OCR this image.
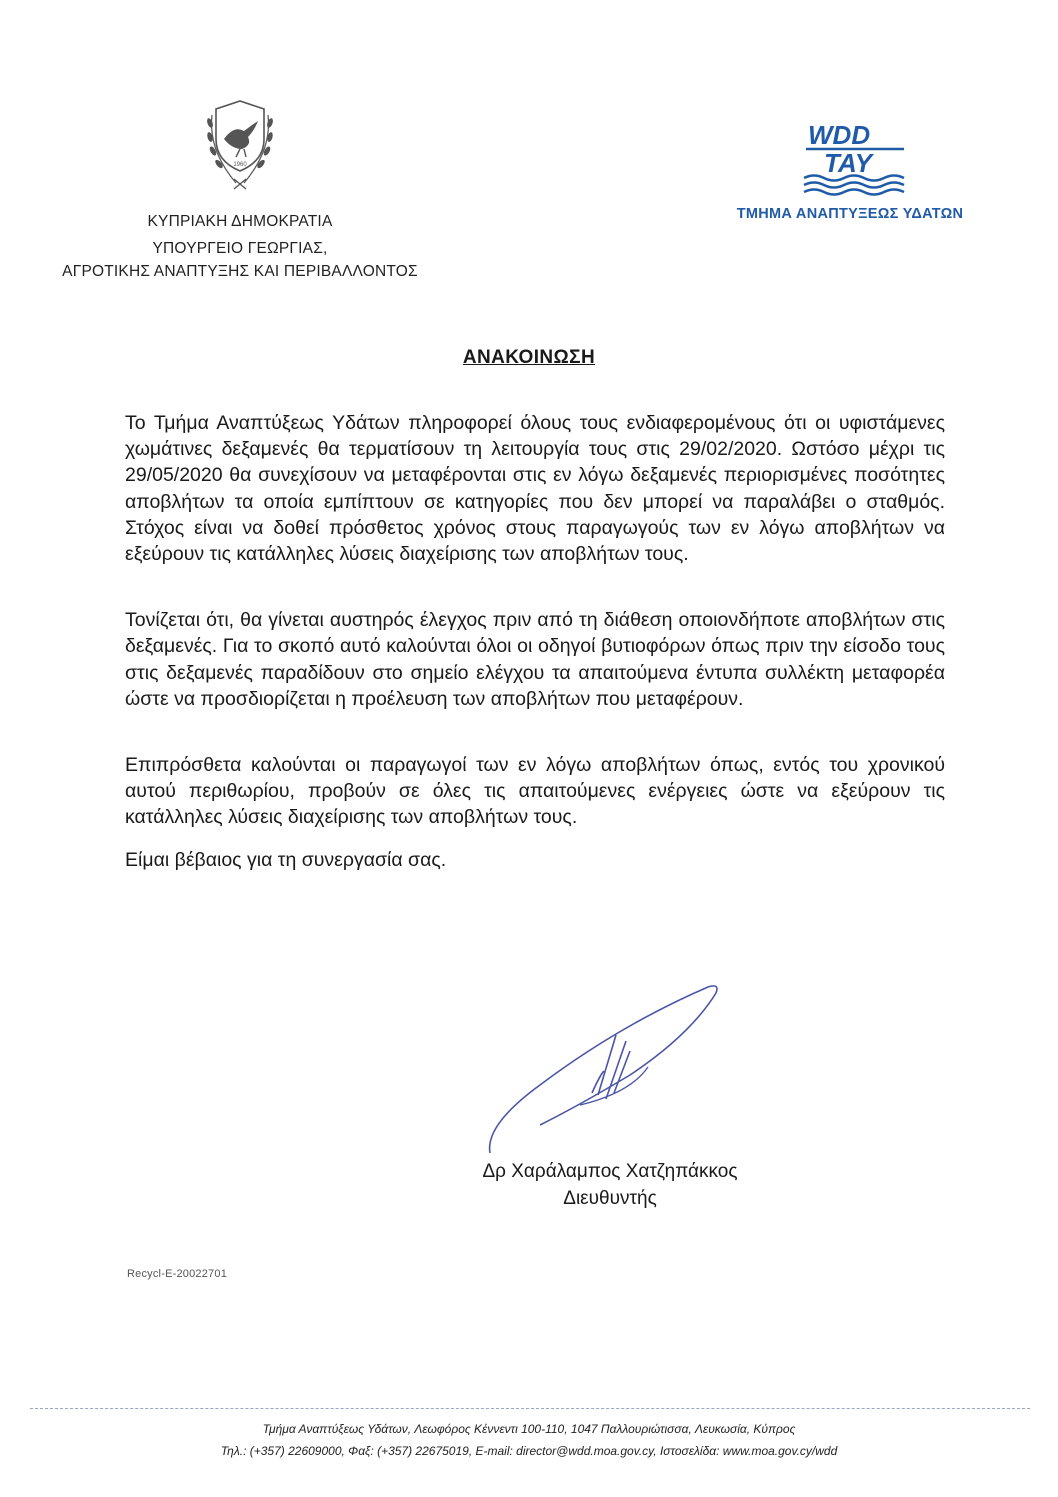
1960
ΚΥΠΡΙΑΚΗ ΔΗΜΟΚΡΑΤΙΑ
ΥΠΟΥΡΓΕΙΟ ΓΕΩΡΓΙΑΣ,
ΑΓΡΟΤΙΚΗΣ ΑΝΑΠΤΥΞΗΣ ΚΑΙ ΠΕΡΙΒΑΛΛΟΝΤΟΣ
WDD
TAY
ΤΜΗΜΑ ΑΝΑΠΤΥΞΕΩΣ ΥΔΑΤΩΝ
ΑΝΑΚΟΙΝΩΣΗ

Το Τμήμα Αναπτύξεως Υδάτων πληροφορεί όλους τους ενδιαφερομένους ότι οι υφιστάμενες χωμάτινες δεξαμενές θα τερματίσουν τη λειτουργία τους στις 29/02/2020. Ωστόσο μέχρι τις 29/05/2020 θα συνεχίσουν να μεταφέρονται στις εν λόγω δεξαμενές περιορισμένες ποσότητες αποβλήτων τα οποία εμπίπτουν σε κατηγορίες που δεν μπορεί να παραλάβει ο σταθμός. Στόχος είναι να δοθεί πρόσθετος χρόνος στους παραγωγούς των εν λόγω αποβλήτων να εξεύρουν τις κατάλληλες λύσεις διαχείρισης των αποβλήτων τους.

Τονίζεται ότι, θα γίνεται αυστηρός έλεγχος πριν από τη διάθεση οποιονδήποτε αποβλήτων στις δεξαμενές. Για το σκοπό αυτό καλούνται όλοι οι οδηγοί βυτιοφόρων όπως πριν την είσοδο τους στις δεξαμενές παραδίδουν στο σημείο ελέγχου τα απαιτούμενα έντυπα συλλέκτη μεταφορέα ώστε να προσδιορίζεται η προέλευση των αποβλήτων που μεταφέρουν.

Επιπρόσθετα καλούνται οι παραγωγοί των εν λόγω αποβλήτων όπως, εντός του χρονικού αυτού περιθωρίου, προβούν σε όλες τις απαιτούμενες ενέργειες ώστε να εξεύρουν τις κατάλληλες λύσεις διαχείρισης των αποβλήτων τους.

Είμαι βέβαιος για τη συνεργασία σας.

Δρ Χαράλαμπος Χατζηπάκκος
Διευθυντής
Recycl-E-20022701
Τμήμα Αναπτύξεως Υδάτων, Λεωφόρος Κέννεντι 100-110, 1047 Παλλουριώτισσα, Λευκωσία, Κύπρος
Τηλ.: (+357) 22609000, Φαξ: (+357) 22675019, E-mail: director@wdd.moa.gov.cy, Ιστοσελίδα: www.moa.gov.cy/wdd
